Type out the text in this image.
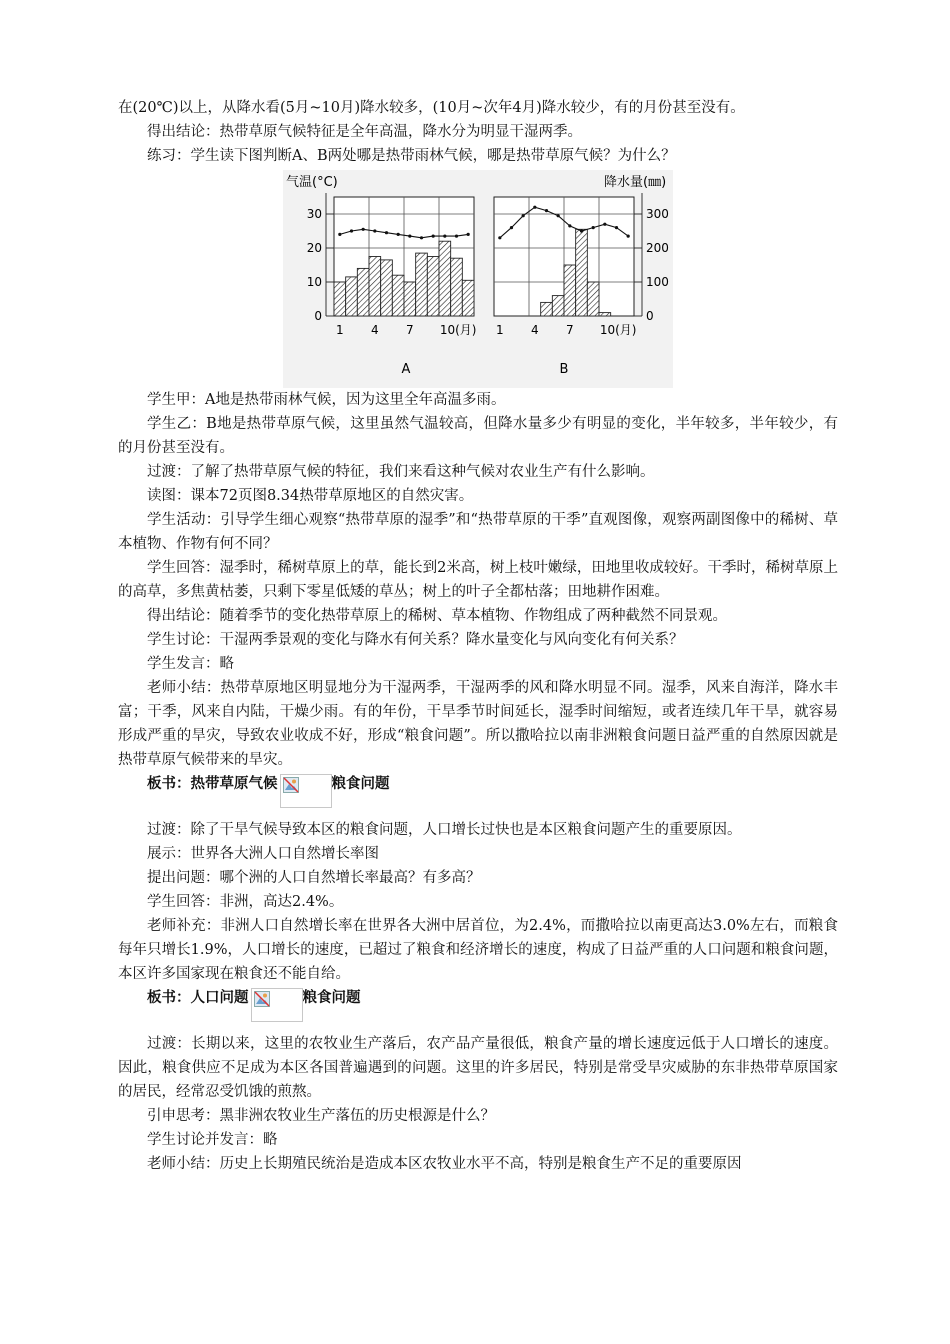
在(20℃)以上，从降水看(5月~10月)降水较多，(10月~次年4月)降水较少，有的月份甚至没有。

得出结论：热带草原气候特征是全年高温，降水分为明显干湿两季。

练习：学生读下图判断A、B两处哪是热带雨林气候，哪是热带草原气候？为什么？

1 4 7 10(月)
0
10
20
30
1 4 7 10(月)
0
100
200
300
气温(°C)	降水量(㎜)
A	B

学生甲：A地是热带雨林气候，因为这里全年高温多雨。

学生乙：B地是热带草原气候，这里虽然气温较高，但降水量多少有明显的变化，半年较多，半年较少，有的月份甚至没有。

过渡：了解了热带草原气候的特征，我们来看这种气候对农业生产有什么影响。

读图：课本72页图8.34热带草原地区的自然灾害。

学生活动：引导学生细心观察“热带草原的湿季”和“热带草原的干季”直观图像，观察两副图像中的稀树、草本植物、作物有何不同？

学生回答：湿季时，稀树草原上的草，能长到2米高，树上枝叶嫩绿，田地里收成较好。干季时，稀树草原上的高草，多焦黄枯萎，只剩下零星低矮的草丛；树上的叶子全都枯落；田地耕作困难。

得出结论：随着季节的变化热带草原上的稀树、草本植物、作物组成了两种截然不同景观。

学生讨论：干湿两季景观的变化与降水有何关系？降水量变化与风向变化有何关系？

学生发言：略

老师小结：热带草原地区明显地分为干湿两季，干湿两季的风和降水明显不同。湿季，风来自海洋，降水丰富；干季，风来自内陆，干燥少雨。有的年份，干旱季节时间延长，湿季时间缩短，或者连续几年干旱，就容易形成严重的旱灾，导致农业收成不好，形成“粮食问题”。所以撒哈拉以南非洲粮食问题日益严重的自然原因就是热带草原气候带来的旱灾。

板书：热带草原气候	粮食问题

过渡：除了干旱气候导致本区的粮食问题，人口增长过快也是本区粮食问题产生的重要原因。

展示：世界各大洲人口自然增长率图

提出问题：哪个洲的人口自然增长率最高？有多高？

学生回答：非洲，高达2.4%。

老师补充：非洲人口自然增长率在世界各大洲中居首位，为2.4%，而撒哈拉以南更高达3.0%左右，而粮食每年只增长1.9%，人口增长的速度，已超过了粮食和经济增长的速度，构成了日益严重的人口问题和粮食问题，本区许多国家现在粮食还不能自给。

板书：人口问题	粮食问题

过渡：长期以来，这里的农牧业生产落后，农产品产量很低，粮食产量的增长速度远低于人口增长的速度。因此，粮食供应不足成为本区各国普遍遇到的问题。这里的许多居民，特别是常受旱灾威胁的东非热带草原国家的居民，经常忍受饥饿的煎熬。

引申思考：黑非洲农牧业生产落伍的历史根源是什么？

学生讨论并发言：略

老师小结：历史上长期殖民统治是造成本区农牧业水平不高，特别是粮食生产不足的重要原因
